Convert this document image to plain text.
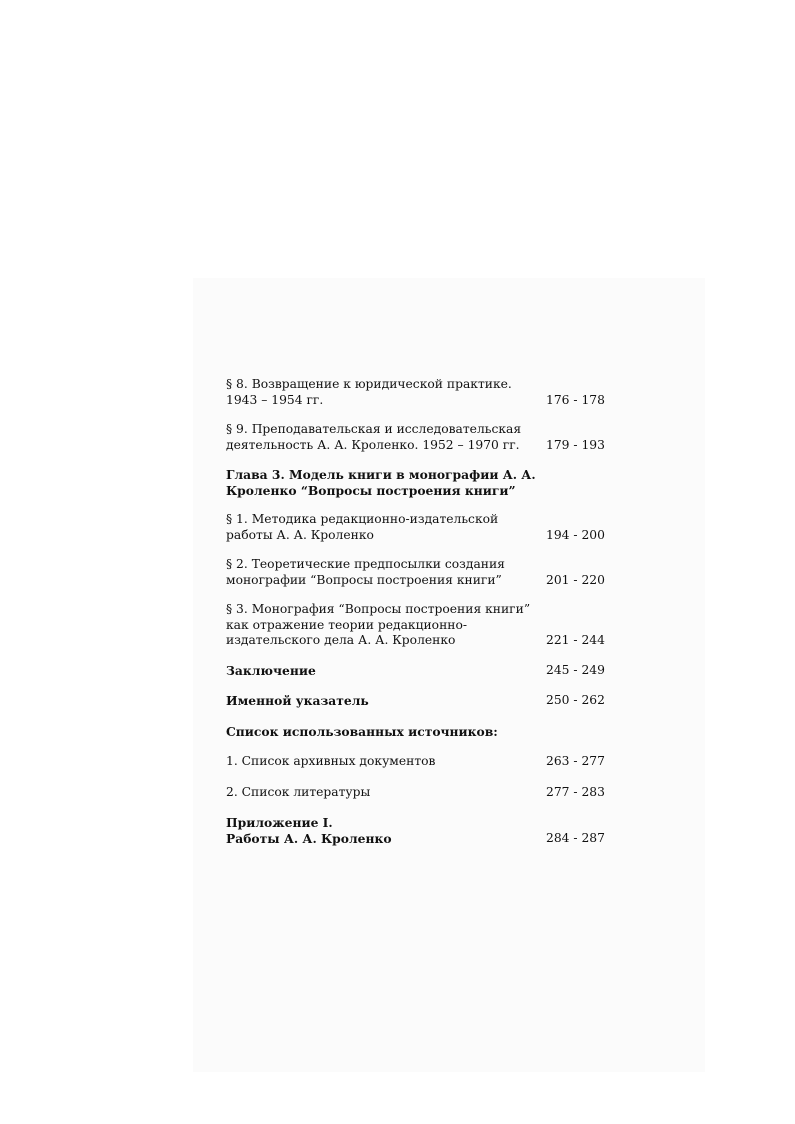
§ 8. Возвращение к юридической практике.
1943 – 1954 гг.	176 - 178
§ 9. Преподавательская и исследовательская
деятельность А. А. Кроленко. 1952 – 1970 гг.	179 - 193
Глава 3. Модель книги в монографии А. А.
Кроленко “Вопросы построения книги”
§ 1. Методика редакционно-издательской
работы А. А. Кроленко	194 - 200
§ 2. Теоретические предпосылки создания
монографии “Вопросы построения книги”	201 - 220
§ 3. Монография “Вопросы построения книги”
как отражение теории редакционно-
издательского дела А. А. Кроленко	221 - 244
Заключение	245 - 249
Именной указатель	250 - 262
Список использованных источников:
1. Список архивных документов	263 - 277
2. Список литературы	277 - 283
Приложение I.
Работы А. А. Кроленко	284 - 287
